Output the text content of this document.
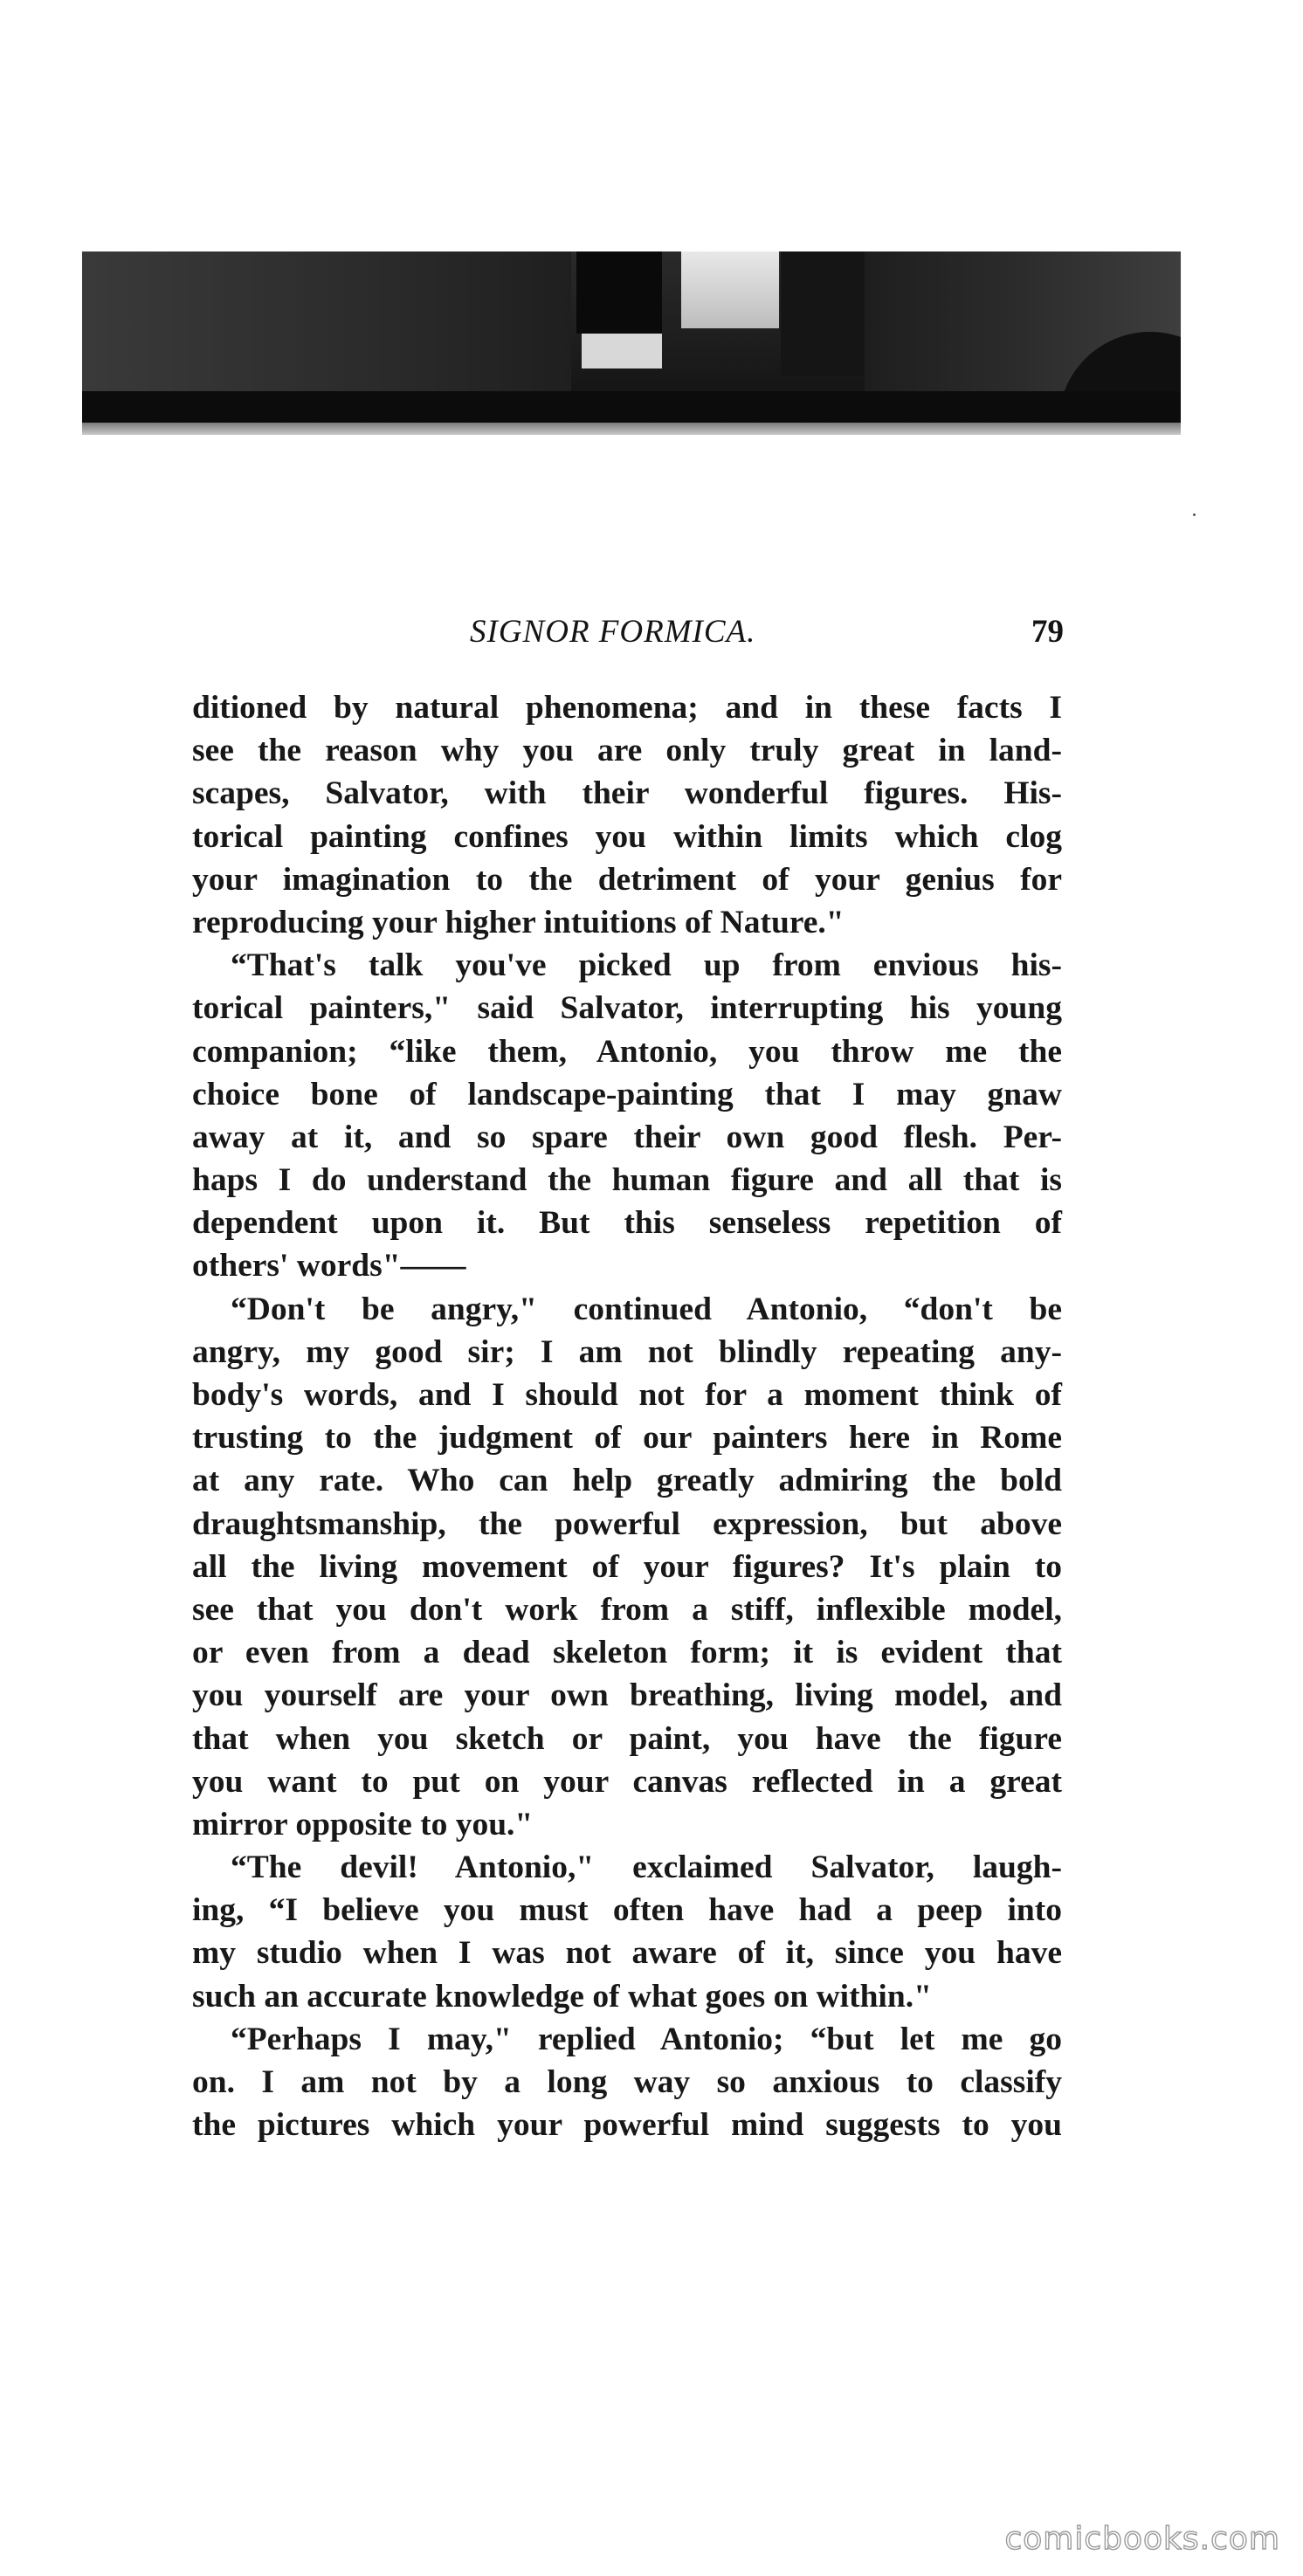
SIGNOR FORMICA.	79
ditioned by natural phenomena; and in these facts I
see the reason why you are only truly great in land-
scapes, Salvator, with their wonderful figures. His-
torical painting confines you within limits which clog
your imagination to the detriment of your genius for
reproducing your higher intuitions of Nature."
“That's talk you've picked up from envious his-
torical painters," said Salvator, interrupting his young
companion; “like them, Antonio, you throw me the
choice bone of landscape-painting that I may gnaw
away at it, and so spare their own good flesh. Per-
haps I do understand the human figure and all that is
dependent upon it. But this senseless repetition of
others' words"——
“Don't be angry," continued Antonio, “don't be
angry, my good sir; I am not blindly repeating any-
body's words, and I should not for a moment think of
trusting to the judgment of our painters here in Rome
at any rate. Who can help greatly admiring the bold
draughtsmanship, the powerful expression, but above
all the living movement of your figures? It's plain to
see that you don't work from a stiff, inflexible model,
or even from a dead skeleton form; it is evident that
you yourself are your own breathing, living model, and
that when you sketch or paint, you have the figure
you want to put on your canvas reflected in a great
mirror opposite to you."
“The devil! Antonio," exclaimed Salvator, laugh-
ing, “I believe you must often have had a peep into
my studio when I was not aware of it, since you have
such an accurate knowledge of what goes on within."
“Perhaps I may," replied Antonio; “but let me go
on. I am not by a long way so anxious to classify
the pictures which your powerful mind suggests to you
comicbooks.com
